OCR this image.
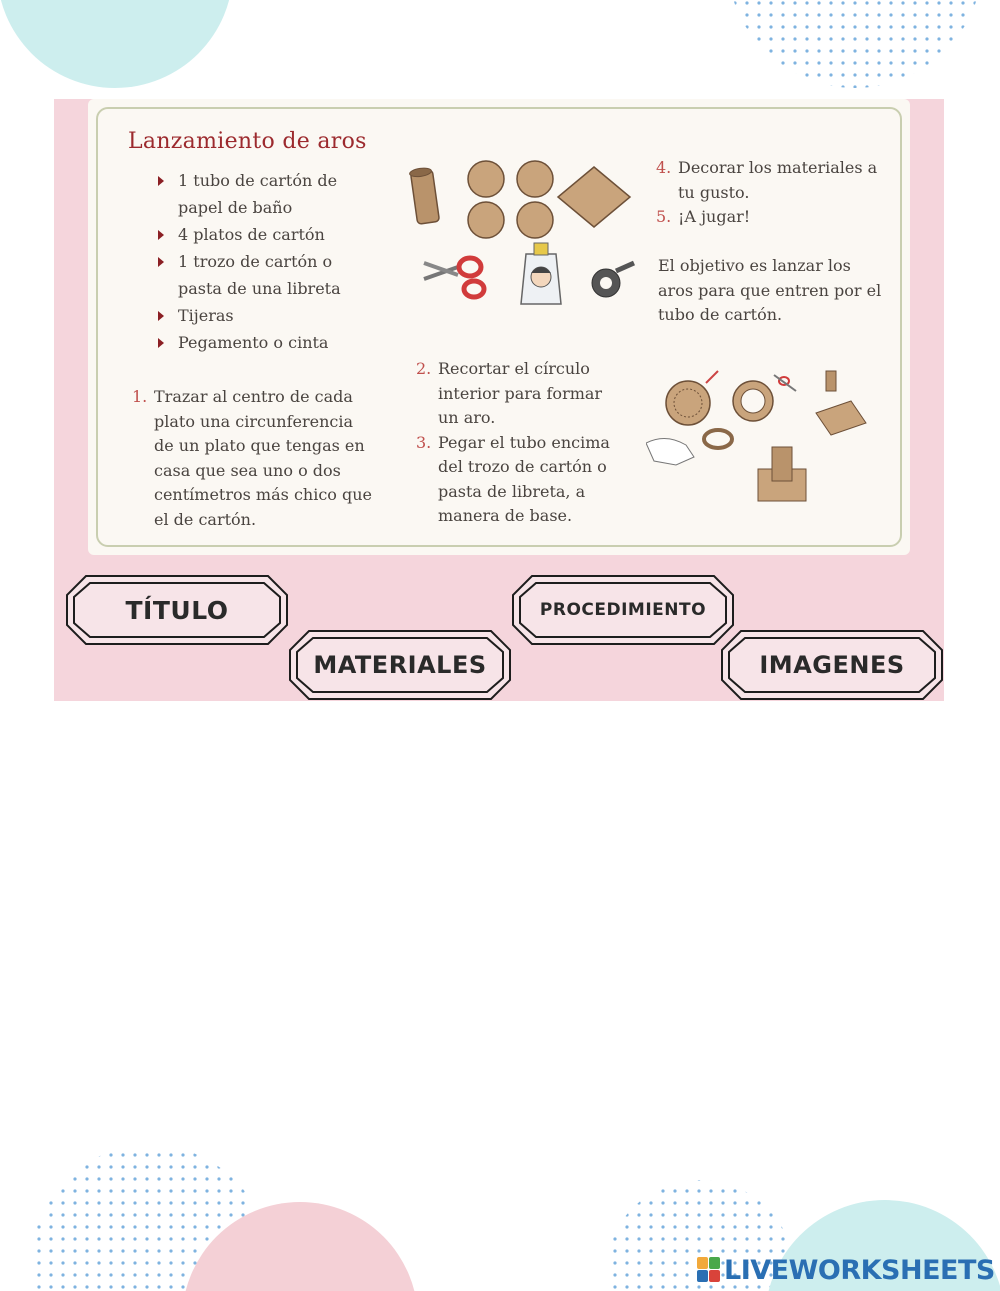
Lanzamiento de aros
1 tubo de cartón de papel de baño
4 platos de cartón
1 trozo de cartón o pasta de una libreta
Tijeras
Pegamento o cinta
1. Trazar al centro de cada plato una circunferencia de un plato que tengas en casa que sea uno o dos centímetros más chico que el de cartón.
2. Recortar el círculo interior para formar un aro.
3. Pegar el tubo encima del trozo de cartón o pasta de libreta, a manera de base.
4. Decorar los materiales a tu gusto.
5. ¡A jugar!

El objetivo es lanzar los aros para que entren por el tubo de cartón.

TÍTULO	PROCEDIMIENTO
MATERIALES	IMAGENES
LIVEWORKSHEETS
